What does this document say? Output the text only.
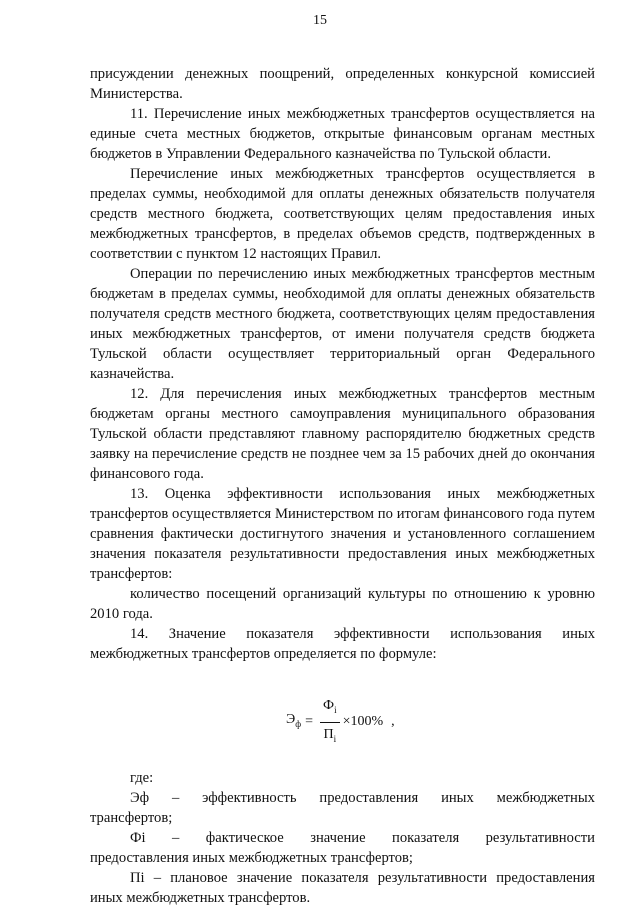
15

присуждении денежных поощрений, определенных конкурсной комиссией Министерства.

11. Перечисление иных межбюджетных трансфертов осуществляется на единые счета местных бюджетов, открытые финансовым органам местных бюджетов в Управлении Федерального казначейства по Тульской области.

Перечисление иных межбюджетных трансфертов осуществляется в пределах суммы, необходимой для оплаты денежных обязательств получателя средств местного бюджета, соответствующих целям предоставления иных межбюджетных трансфертов, в пределах объемов средств, подтвержденных в соответствии с пунктом 12 настоящих Правил.

Операции по перечислению иных межбюджетных трансфертов местным бюджетам в пределах суммы, необходимой для оплаты денежных обязательств получателя средств местного бюджета, соответствующих целям предоставления иных межбюджетных трансфертов, от имени получателя средств бюджета Тульской области осуществляет территориальный орган Федерального казначейства.

12. Для перечисления иных межбюджетных трансфертов местным бюджетам органы местного самоуправления муниципального образования Тульской области представляют главному распорядителю бюджетных средств заявку на перечисление средств не позднее чем за 15 рабочих дней до окончания финансового года.

13. Оценка эффективности использования иных межбюджетных трансфертов осуществляется Министерством по итогам финансового года путем сравнения фактически достигнутого значения и установленного соглашением значения показателя результативности предоставления иных межбюджетных трансфертов:

количество посещений организаций культуры по отношению к уровню 2010 года.

14. Значение показателя эффективности использования иных межбюджетных трансфертов определяется по формуле:

$Э_ф = \frac{Ф_i}{П_i} \times 100\%$ ,

где:

Эф – эффективность предоставления иных межбюджетных

трансфертов;

Фi – фактическое значение показателя результативности

предоставления иных межбюджетных трансфертов;

Пi – плановое значение показателя результативности предоставления иных межбюджетных трансфертов.
